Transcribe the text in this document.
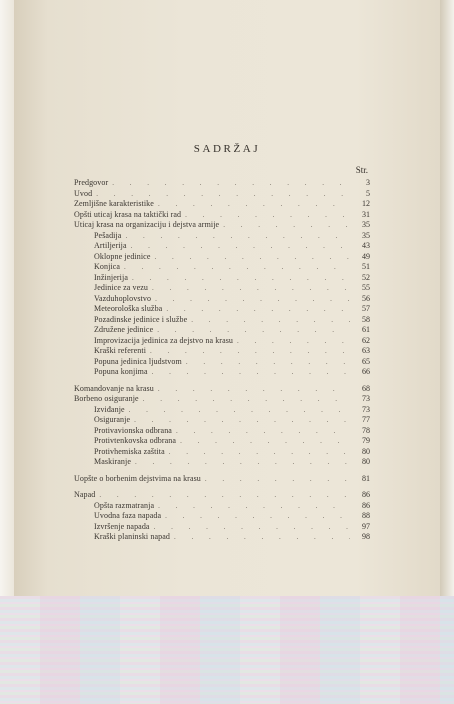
SADRŽAJ
Str.
Predgovor . . .	3
Uvod . . .	5
Zemljišne karakteristike . . .	12
Opšti uticaj krasa na taktički rad . . .	31
Uticaj krasa na organizaciju i dejstva armije . . .	35
Pešadija . . .	35
Artiljerija . . .	43
Oklopne jedinice . . .	49
Konjica . . .	51
Inžinjerija . . .	52
Jedinice za vezu . . .	55
Vazduhoplovstvo . . .	56
Meteorološka služba . . .	57
Pozadinske jedinice i službe . . .	58
Združene jedinice . . .	61
Improvizacija jedinica za dejstvo na krasu . . .	62
Kraški referenti . . .	63
Popuna jedinica ljudstvom . . .	65
Popuna konjima . . .	66
Komandovanje na krasu . . .	68
Borbeno osiguranje . . .	73
Izviđanje . . .	73
Osiguranje . . .	77
Protivavionska odbrana . . .	78
Protivtenkovska odbrana . . .	79
Protivhemiska zaštita . . .	80
Maskiranje . . .	80
Uopšte o borbenim dejstvima na krasu . . .	81
Napad . . .	86
Opšta razmatranja . . .	86
Uvodna faza napada . . .	88
Izvršenje napada . . .	97
Kraški planinski napad . . .	98
